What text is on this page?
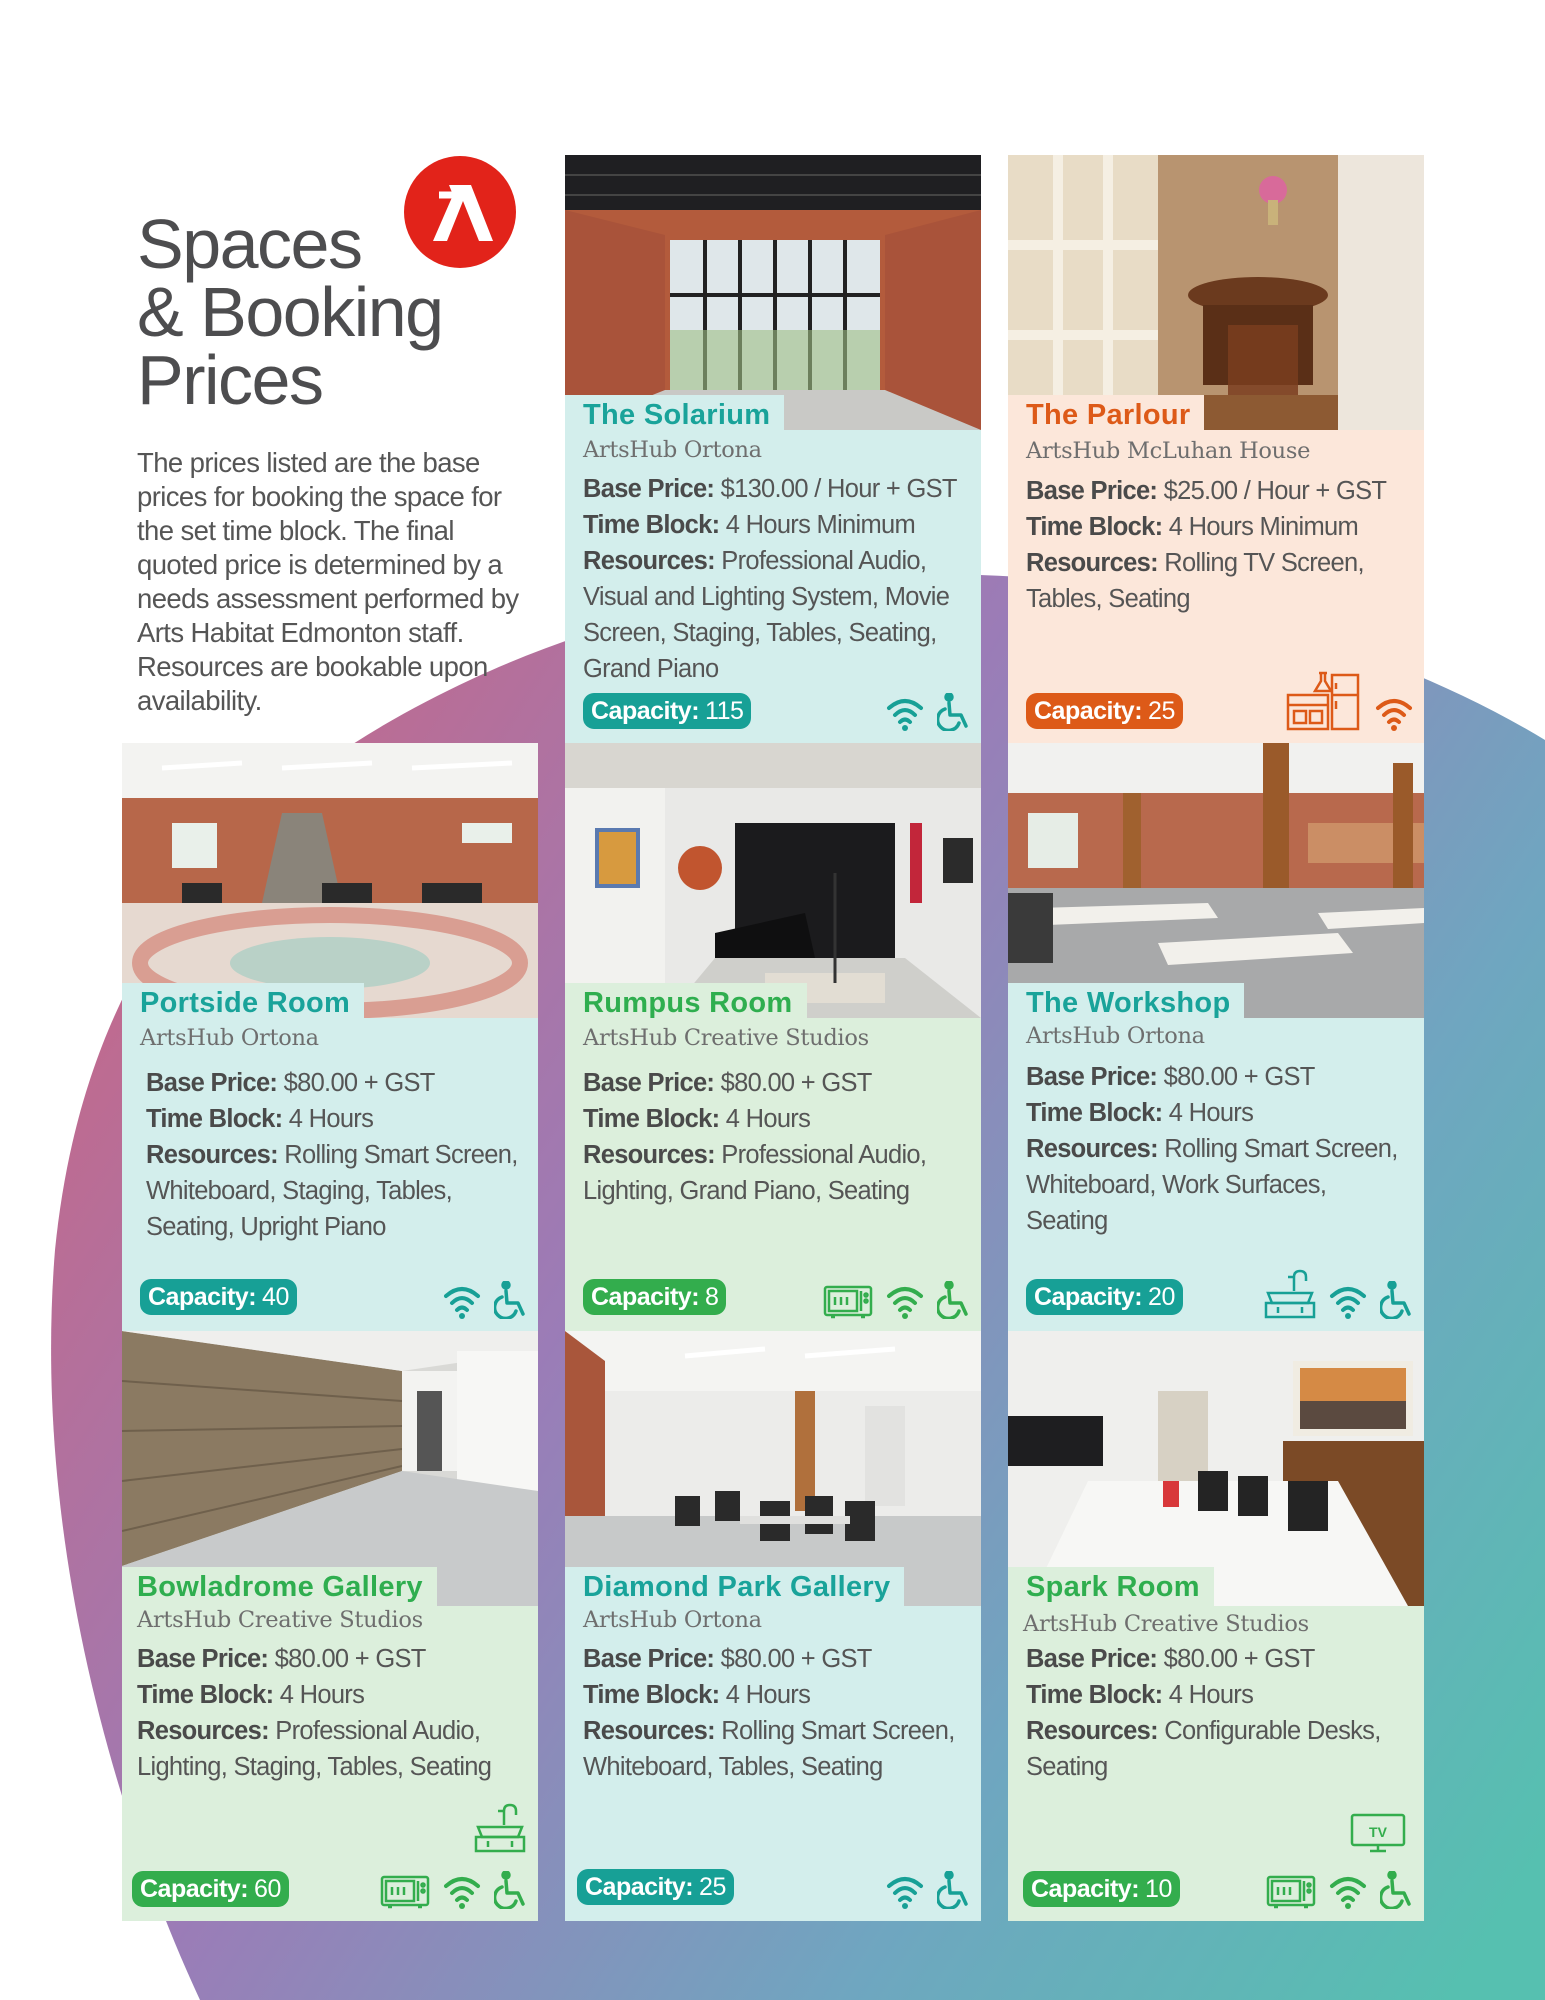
Spaces
& Booking
Prices

The prices listed are the base prices for booking the space for the set time block. The final quoted price is determined by a needs assessment performed by Arts Habitat Edmonton staff. Resources are bookable upon availability.

The Solarium
ArtsHub Ortona
Base Price: $130.00 / Hour + GST
Time Block: 4 Hours Minimum
Resources: Professional Audio, Visual and Lighting System, Movie Screen, Staging, Tables, Seating, Grand Piano
Capacity: 115
The Parlour
ArtsHub McLuhan House
Base Price: $25.00 / Hour + GST
Time Block: 4 Hours Minimum
Resources: Rolling TV Screen, Tables, Seating
Capacity: 25
Portside Room
ArtsHub Ortona
Base Price: $80.00 + GST
Time Block: 4 Hours
Resources: Rolling Smart Screen, Whiteboard, Staging, Tables, Seating, Upright Piano
Capacity: 40
Rumpus Room
ArtsHub Creative Studios
Base Price: $80.00 + GST
Time Block: 4 Hours
Resources: Professional Audio, Lighting, Grand Piano, Seating
Capacity: 8
The Workshop
ArtsHub Ortona
Base Price: $80.00 + GST
Time Block: 4 Hours
Resources: Rolling Smart Screen, Whiteboard, Work Surfaces, Seating
Capacity: 20
Bowladrome Gallery
ArtsHub Creative Studios
Base Price: $80.00 + GST
Time Block: 4 Hours
Resources: Professional Audio, Lighting, Staging, Tables, Seating
Capacity: 60
Diamond Park Gallery
ArtsHub Ortona
Base Price: $80.00 + GST
Time Block: 4 Hours
Resources: Rolling Smart Screen, Whiteboard, Tables, Seating
Capacity: 25
Spark Room
ArtsHub Creative Studios
Base Price: $80.00 + GST
Time Block: 4 Hours
Resources: Configurable Desks, Seating
TV
Capacity: 10
